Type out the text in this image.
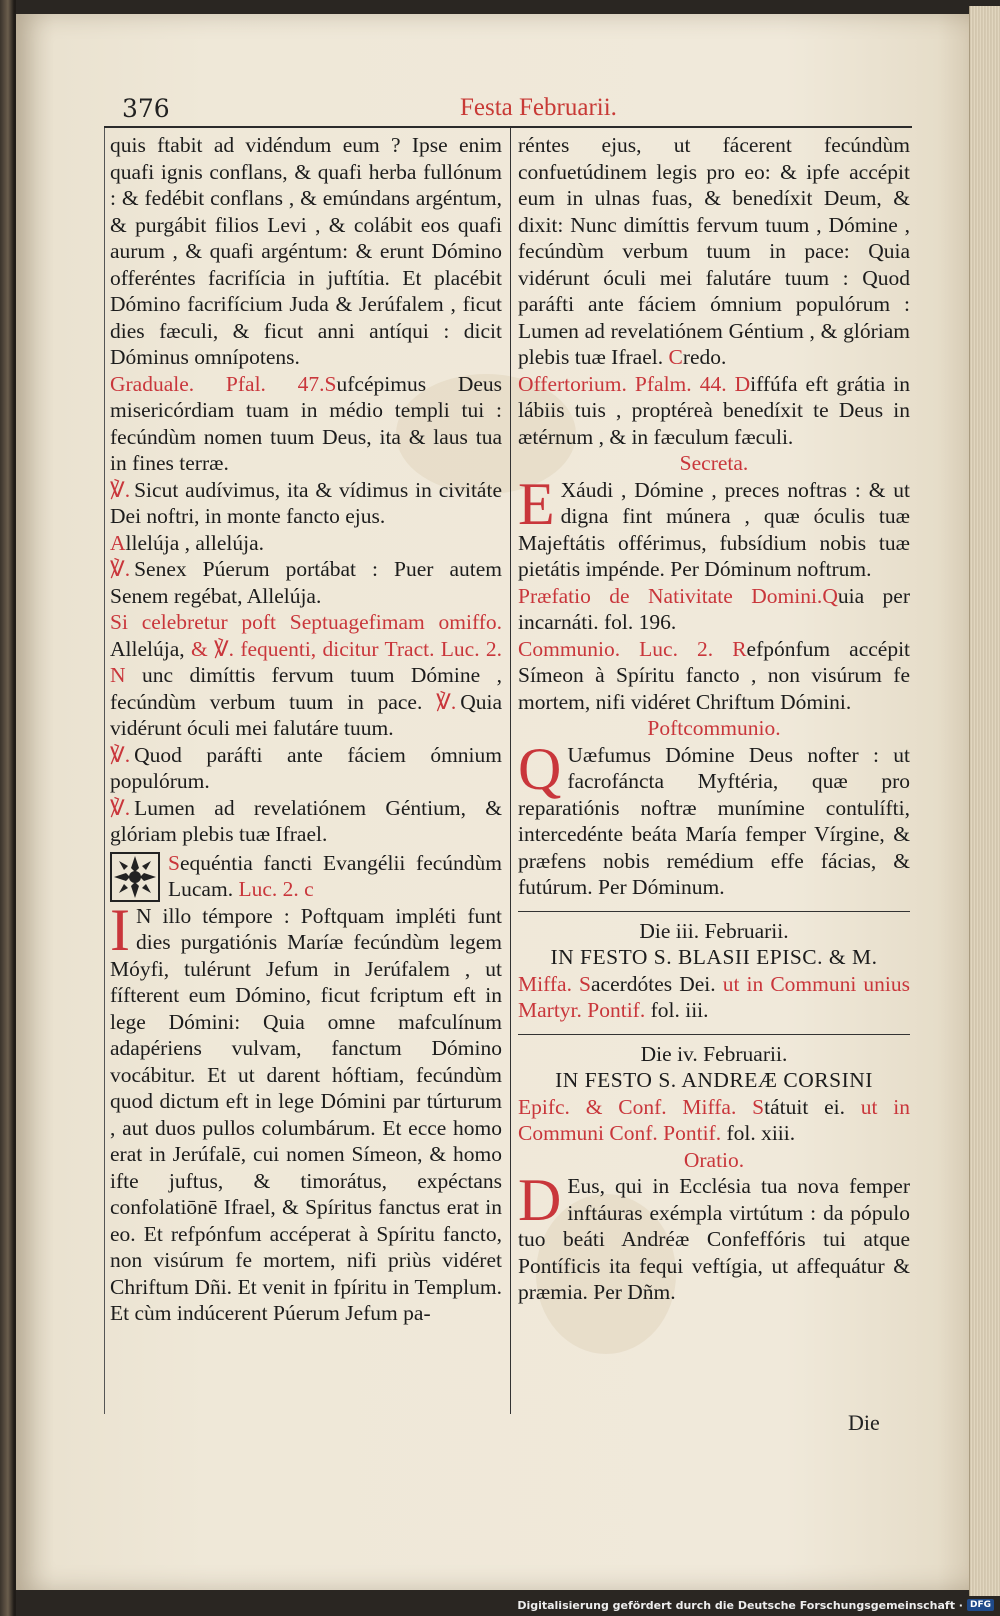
376	Festa Februarii.

quis ftabit ad vidéndum eum ? Ipse enim quafi ignis conflans, & quafi herba fullónum : & fedébit conflans , & emúndans argéntum, & purgábit filios Levi , & colábit eos quafi aurum , & quafi argéntum: & erunt Dómino offeréntes facrifícia in juftítia. Et placébit Dómino facrifícium Juda & Jerúfalem , ficut dies fæculi, & ficut anni antíqui : dicit Dóminus omnípotens.

Graduale. Pfal. 47.Sufcépimus Deus misericórdiam tuam in médio templi tui : fecúndùm nomen tuum Deus, ita & laus tua in fines terræ.

℣. Sicut audívimus, ita & vídimus in civitáte Dei noftri, in monte fancto ejus.

Allelúja , allelúja.

℣. Senex Púerum portábat : Puer autem Senem regébat, Allelúja.

Si celebretur poft Septuagefimam omiffo. Allelúja, & ℣. fequenti, dicitur Tract. Luc. 2. N unc dimíttis fervum tuum Dómine , fecúndùm verbum tuum in pace. ℣. Quia vidérunt óculi mei falutáre tuum.

℣. Quod paráfti ante fáciem ómnium populórum.

℣. Lumen ad revelatiónem Géntium, & glóriam plebis tuæ Ifrael.

Sequéntia fancti Evangélii fecúndùm Lucam. Luc. 2. c

I N illo témpore : Poftquam impléti funt dies purgatiónis Maríæ fecúndùm legem Móyfi, tulérunt Jefum in Jerúfalem , ut fífterent eum Dómino, ficut fcriptum eft in lege Dómini: Quia omne mafculínum adapériens vulvam, fanctum Dómino vocábitur. Et ut darent hóftiam, fecúndùm quod dictum eft in lege Dómini par túrturum , aut duos pullos columbárum. Et ecce homo erat in Jerúfalē, cui nomen Símeon, & homo ifte juftus, & timorátus, expéctans confolatiōnē Ifrael, & Spíritus fanctus erat in eo. Et refpónfum accéperat à Spíritu fancto, non visúrum fe mortem, nifi priùs vidéret Chriftum Dñi. Et venit in fpíritu in Templum. Et cùm indúcerent Púerum Jefum pa-

réntes ejus, ut fácerent fecúndùm confuetúdinem legis pro eo: & ipfe accépit eum in ulnas fuas, & benedíxit Deum, & dixit: Nunc dimíttis fervum tuum , Dómine , fecúndùm verbum tuum in pace: Quia vidérunt óculi mei falutáre tuum : Quod paráfti ante fáciem ómnium populórum : Lumen ad revelatiónem Géntium , & glóriam plebis tuæ Ifrael. Credo.

Offertorium. Pfalm. 44. Diffúfa eft grátia in lábiis tuis , proptéreà benedíxit te Deus in ætérnum , & in fæculum fæculi.

Secreta.

E Xáudi , Dómine , preces noftras : & ut digna fint múnera , quæ óculis tuæ Majeftátis offérimus, fubsídium nobis tuæ pietátis impénde. Per Dóminum noftrum.

Præfatio de Nativitate Domini.Quia per incarnáti. fol. 196.

Communio. Luc. 2. Refpónfum accépit Símeon à Spíritu fancto , non visúrum fe mortem, nifi vidéret Chriftum Dómini.

Poftcommunio.

Q Uæfumus Dómine Deus nofter : ut facrofáncta Myftéria, quæ pro reparatiónis noftræ munímine contulífti, intercedénte beáta María femper Vírgine, & præfens nobis remédium effe fácias, & futúrum. Per Dóminum.

Die iii. Februarii.

IN FESTO S. BLASII EPISC. & M.

Miffa. Sacerdótes Dei. ut in Communi unius Martyr. Pontif. fol. iii.

Die iv. Februarii.

IN FESTO S. ANDREÆ CORSINI

Epifc. & Conf. Miffa. Státuit ei. ut in Communi Conf. Pontif. fol. xiii.

Oratio.

D Eus, qui in Ecclésia tua nova femper inftáuras exémpla virtútum : da pópulo tuo beáti Andréæ Confeffóris tui atque Pontíficis ita fequi veftígia, ut affequátur & præmia. Per Dñm.

Die
Digitalisierung gefördert durch die Deutsche Forschungsgemeinschaft · DFG
